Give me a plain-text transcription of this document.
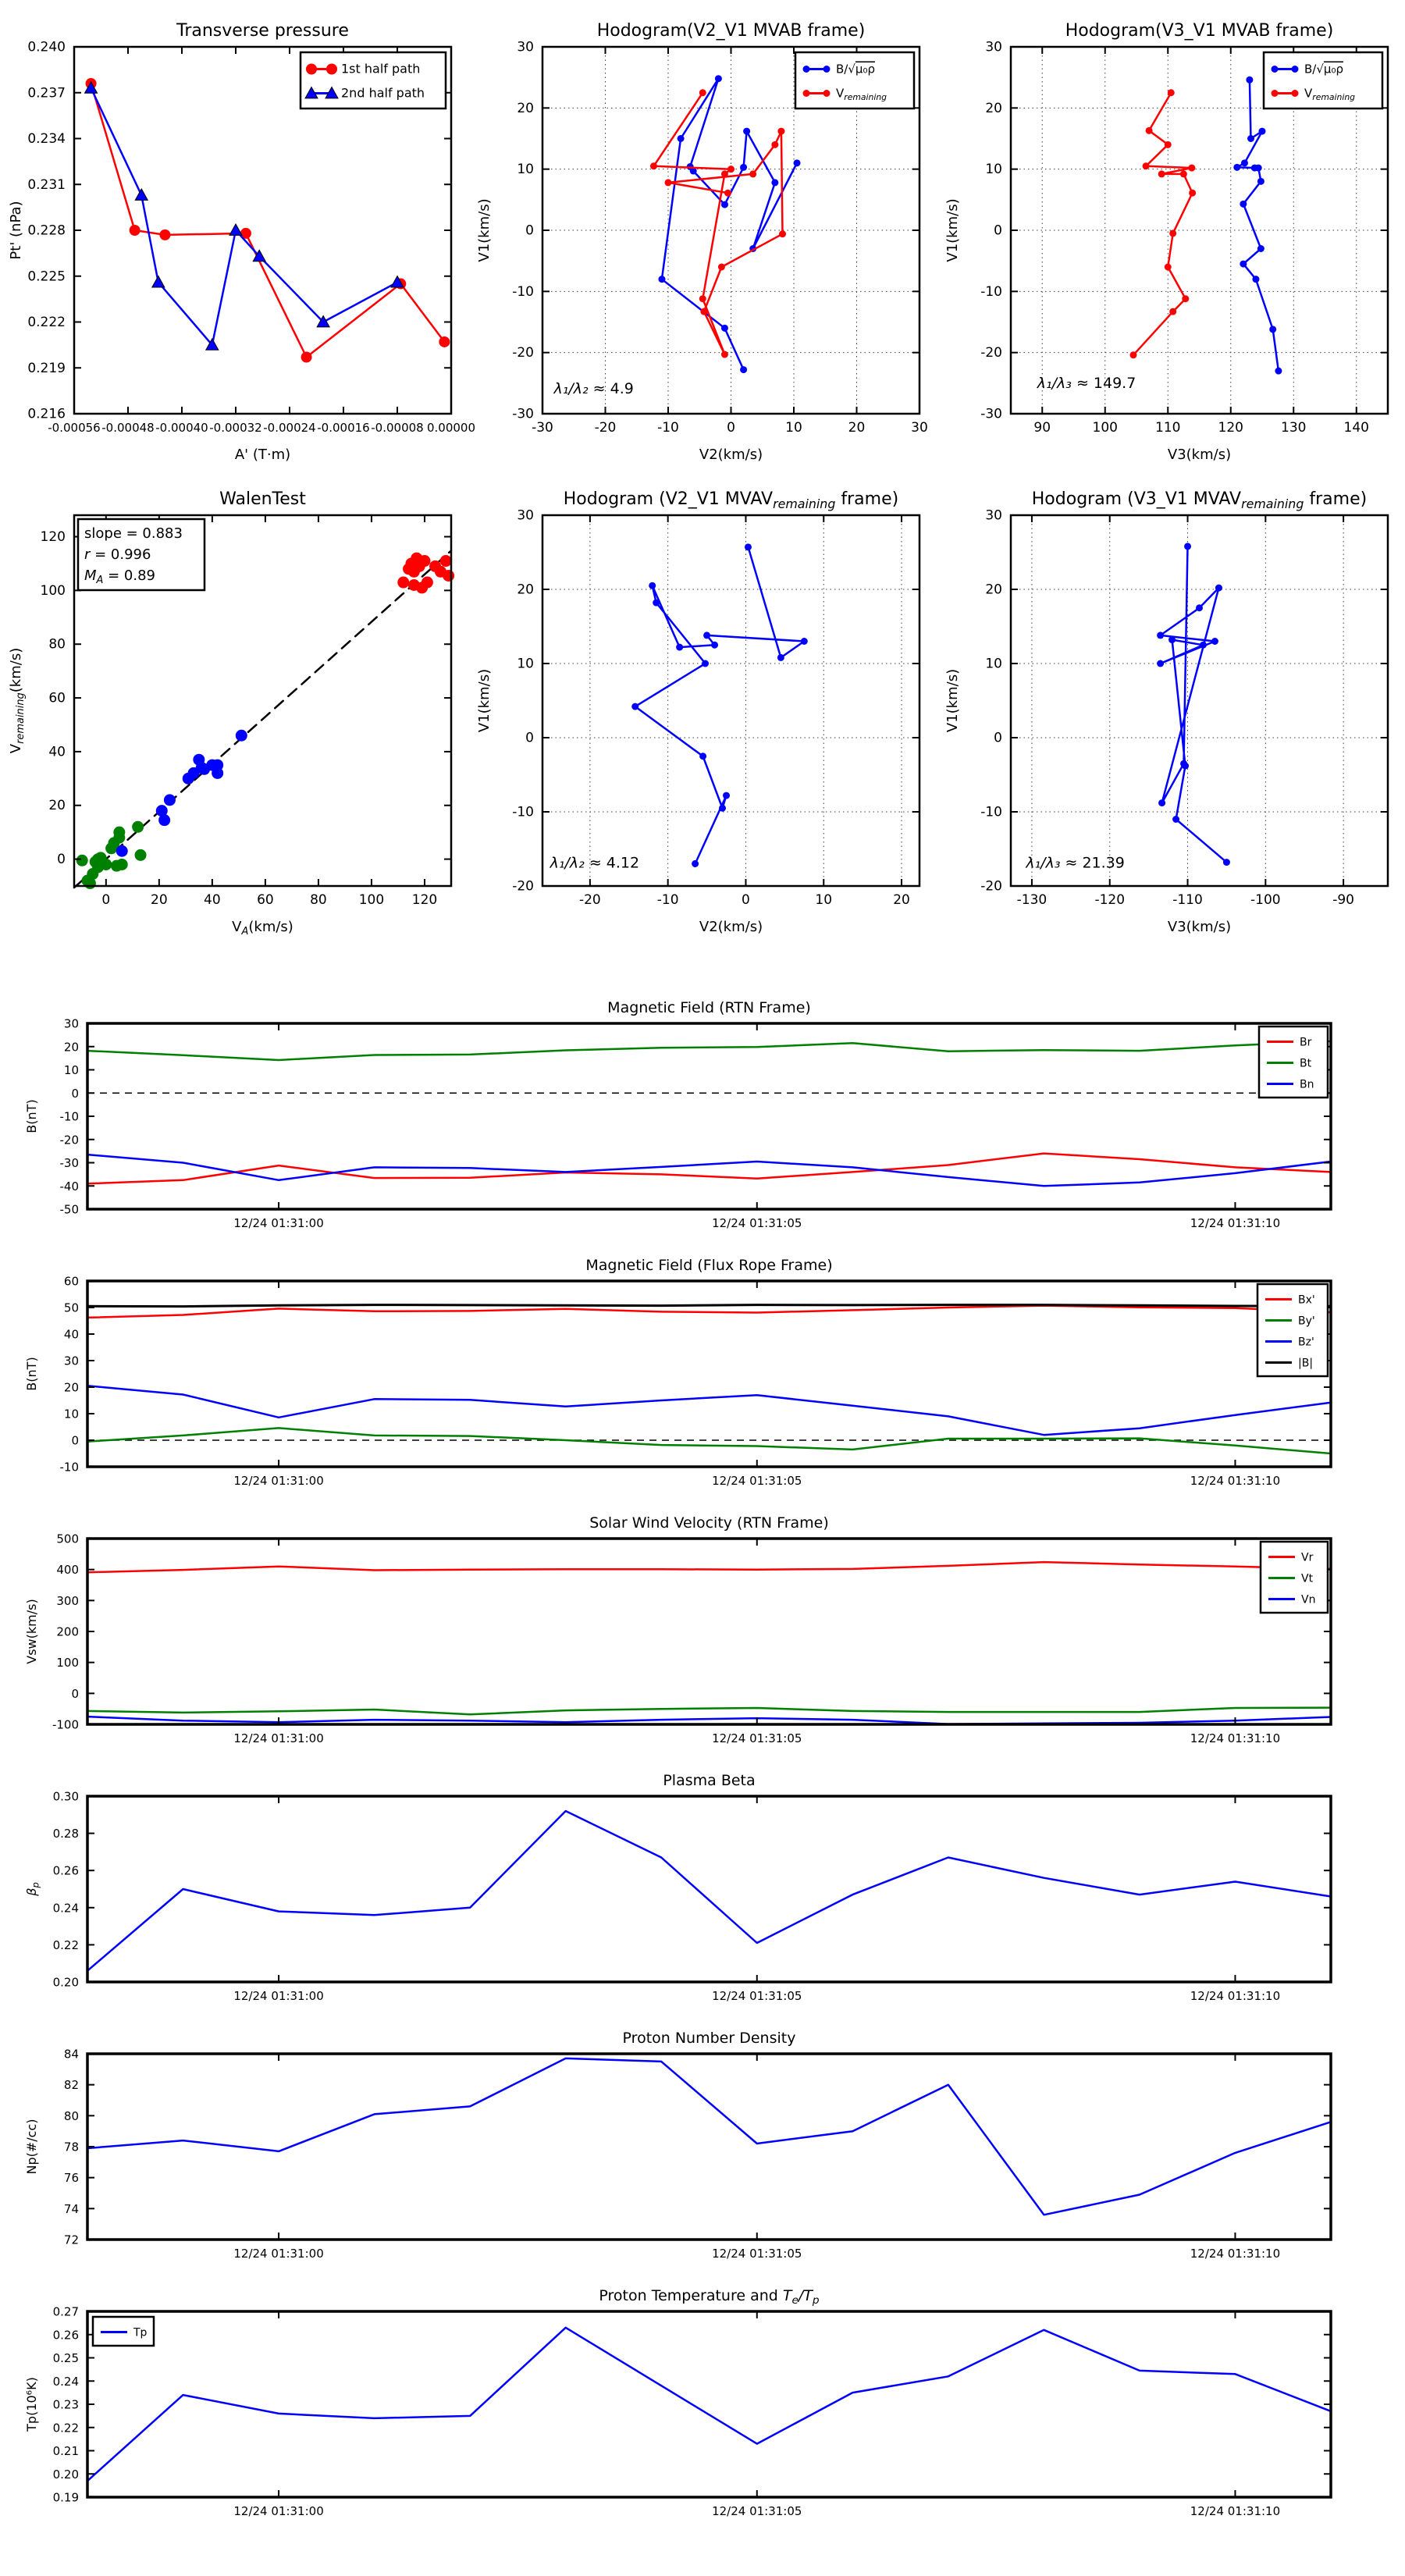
-0.00056 -0.00048 -0.00040 -0.00032 -0.00024 -0.00016 -0.00008 0.00000
0.216
0.219
0.222
0.225
0.228
0.231
0.234
0.237
0.240
Transverse pressure
A' (T·m)
Pt' (nPa)
1st half path
2nd half path
-30	-20	-10	0	10	20	30
-30
-20
-10
0
10
20
30
Hodogram(V2_V1 MVAB frame)
V2(km/s)
V1(km/s)
λ₁/λ₂ ≈ 4.9
B/√μ₀ρ
$V_{remaining}$
90	100	110	120	130	140
-30
-20
-10
0
10
20
30
Hodogram(V3_V1 MVAB frame)
V3(km/s)
V1(km/s)
λ₁/λ₃ ≈ 149.7
B/√μ₀ρ
$V_{remaining}$
0	20	40	60	80 100 120
0
20
40
60
80
100
120
WalenTest
$V_A(km/s)$
$V_{remaining}(km/s)$
slope = 0.883
r = 0.996
$M_A = 0.89$
-20	-10	0	10	20
-20
-10
0
10
20
30
Hodogram (V2_V1 $MVAV_{remaining}$ frame)
V2(km/s)
V1(km/s)
λ₁/λ₂ ≈ 4.12
-130	-120	-110	-100	-90
-20
-10
0
10
20
30
Hodogram (V3_V1 $MVAV_{remaining}$ frame)
V3(km/s)
V1(km/s)
λ₁/λ₃ ≈ 21.39
12/24 01:31:00	12/24 01:31:05	12/24 01:31:10
-50
-40
-30
-20
-10
0
10
20
30
Magnetic Field (RTN Frame)
B(nT)
Br
Bt
Bn
12/24 01:31:00	12/24 01:31:05	12/24 01:31:10
-10
0
10
20
30
40
50
60
Magnetic Field (Flux Rope Frame)
B(nT)
Bx'
By'
Bz'
|B|
12/24 01:31:00	12/24 01:31:05	12/24 01:31:10
-100
0
100
200
300
400
500
Solar Wind Velocity (RTN Frame)
Vsw(km/s)
Vr
Vt
Vn
12/24 01:31:00	12/24 01:31:05	12/24 01:31:10
0.20
0.22
0.24
0.26
0.28
0.30
Plasma Beta
$\beta_p$
12/24 01:31:00	12/24 01:31:05	12/24 01:31:10
72
74
76
78
80
82
84
Proton Number Density
Np(#/cc)
12/24 01:31:00	12/24 01:31:05	12/24 01:31:10
0.19
0.20
0.21
0.22
0.23
0.24
0.25
0.26
0.27
Proton Temperature and $T_e/T_p$
Tp(10⁶K)
Tp
